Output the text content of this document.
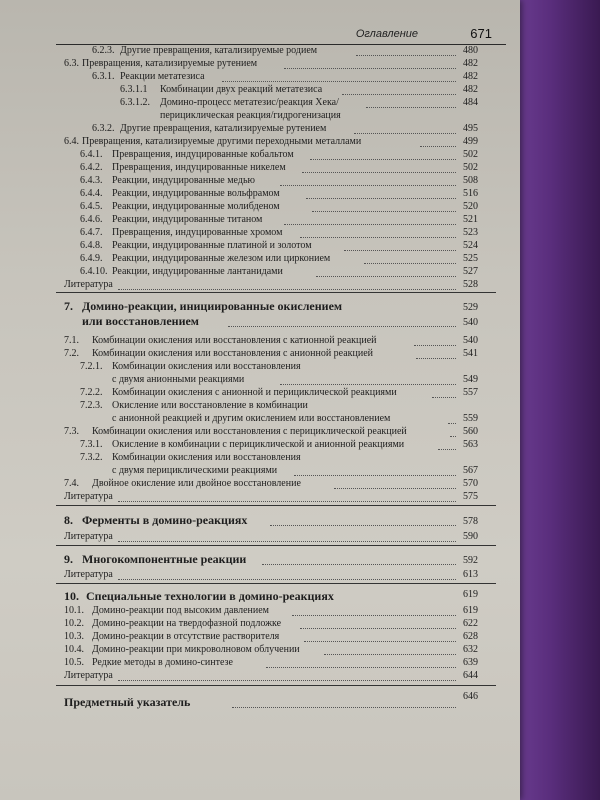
Оглавление	671
6.2.3. Другие превращения, катализируемые родием	480
6.3. Превращения, катализируемые рутением	482
6.3.1. Реакции метатезиса	482
6.3.1.1 Комбинации двух реакций метатезиса	482
6.3.1.2. Домино-процесс метатезис/реакция Хека/	484
перициклическая реакция/гидрогенизация
6.3.2. Другие превращения, катализируемые рутением	495
6.4. Превращения, катализируемые другими переходными металлами	499
6.4.1. Превращения, индуцированные кобальтом	502
6.4.2. Превращения, индуцированные никелем	502
6.4.3. Реакции, индуцированные медью	508
6.4.4. Реакции, индуцированные вольфрамом	516
6.4.5. Реакции, индуцированные молибденом	520
6.4.6. Реакции, индуцированные титаном	521
6.4.7. Превращения, индуцированные хромом	523
6.4.8. Реакции, индуцированные платиной и золотом	524
6.4.9. Реакции, индуцированные железом или цирконием	525
6.4.10. Реакции, индуцированные лантанидами	527
Литература	528
7. Домино-реакции, инициированные окислением	529
или восстановлением	540
7.1. Комбинации окисления или восстановления с катионной реакцией	540
7.2. Комбинации окисления или восстановления с анионной реакцией	541
7.2.1. Комбинации окисления или восстановления
с двумя анионными реакциями	549
7.2.2. Комбинации окисления с анионной и перициклической реакциями	557
7.2.3. Окисление или восстановление в комбинации
с анионной реакцией и другим окислением или восстановлением	559
7.3. Комбинации окисления или восстановления с перициклической реакцией	560
7.3.1. Окисление в комбинации с перициклической и анионной реакциями	563
7.3.2. Комбинации окисления или восстановления
с двумя перициклическими реакциями	567
7.4. Двойное окисление или двойное восстановление	570
Литература	575
8. Ферменты в домино-реакциях	578
Литература	590
9. Многокомпонентные реакции	592
Литература	613
10. Специальные технологии в домино-реакциях	619
10.1. Домино-реакции под высоким давлением	619
10.2. Домино-реакции на твердофазной подложке	622
10.3. Домино-реакции в отсутствие растворителя	628
10.4. Домино-реакции при микроволновом облучении	632
10.5. Редкие методы в домино-синтезе	639
Литература	644
Предметный указатель	646
